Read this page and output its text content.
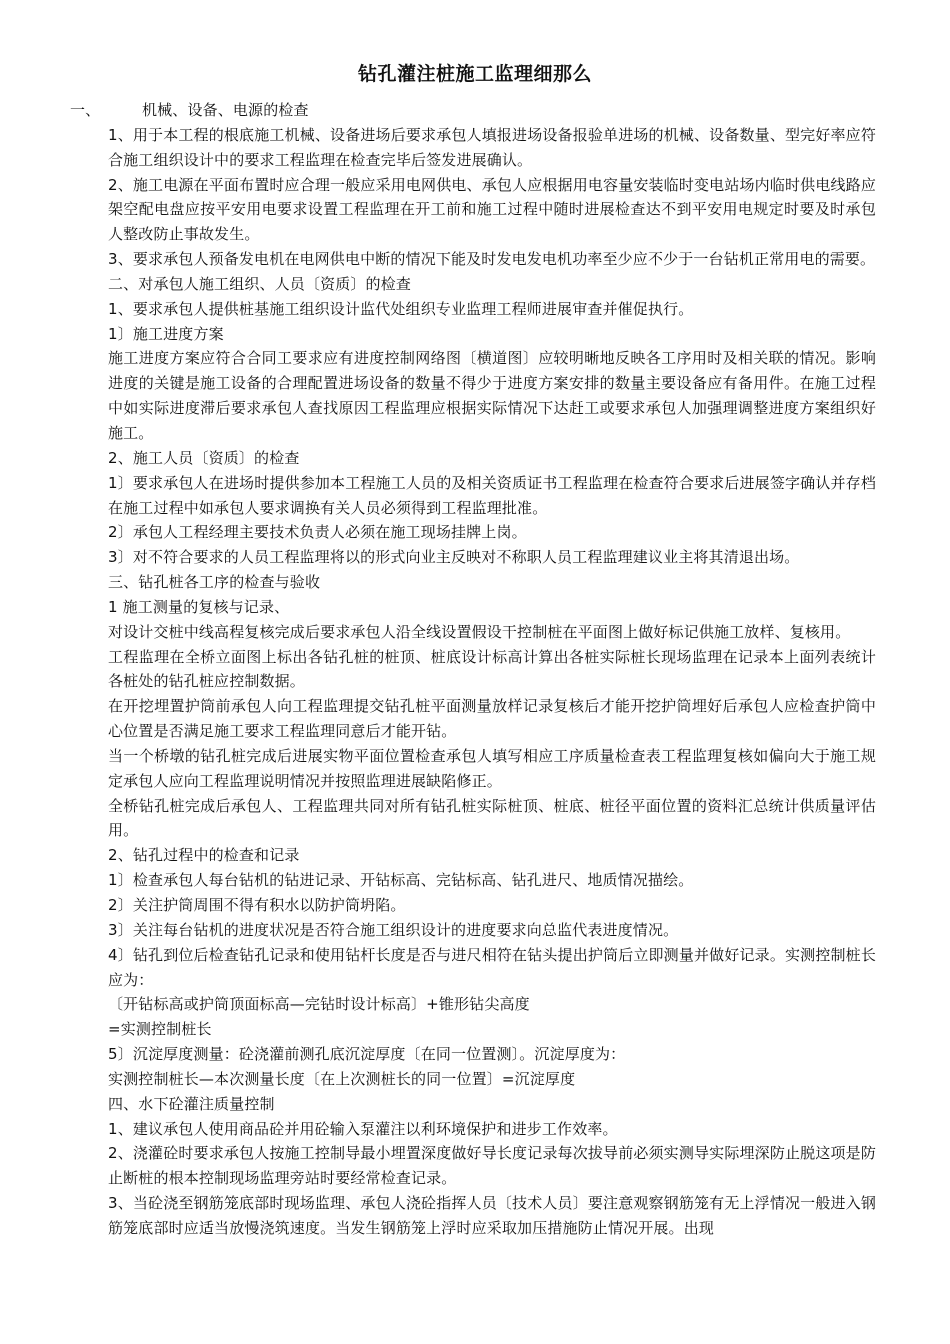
钻孔灌注桩施工监理细那么

一、	机械、设备、电源的检查

1、用于本工程的根底施工机械、设备进场后要求承包人填报进场设备报验单进场的机械、设备数量、型完好率应符合施工组织设计中的要求工程监理在检查完毕后签发进展确认。

2、施工电源在平面布置时应合理一般应采用电网供电、承包人应根据用电容量安装临时变电站场内临时供电线路应架空配电盘应按平安用电要求设置工程监理在开工前和施工过程中随时进展检查达不到平安用电规定时要及时承包人整改防止事故发生。

3、要求承包人预备发电机在电网供电中断的情况下能及时发电发电机功率至少应不少于一台钻机正常用电的需要。

二、对承包人施工组织、人员〔资质〕的检查

1、要求承包人提供桩基施工组织设计监代处组织专业监理工程师进展审查并催促执行。

1〕施工进度方案

施工进度方案应符合合同工要求应有进度控制网络图〔横道图〕应较明晰地反映各工序用时及相关联的情况。影响进度的关键是施工设备的合理配置进场设备的数量不得少于进度方案安排的数量主要设备应有备用件。在施工过程中如实际进度滞后要求承包人查找原因工程监理应根据实际情况下达赶工或要求承包人加强理调整进度方案组织好施工。

2、施工人员〔资质〕的检查

1〕要求承包人在进场时提供参加本工程施工人员的及相关资质证书工程监理在检查符合要求后进展签字确认并存档在施工过程中如承包人要求调换有关人员必须得到工程监理批准。

2〕承包人工程经理主要技术负责人必须在施工现场挂牌上岗。

3〕对不符合要求的人员工程监理将以的形式向业主反映对不称职人员工程监理建议业主将其清退出场。

三、钻孔桩各工序的检查与验收

1 施工测量的复核与记录、

对设计交桩中线高程复核完成后要求承包人沿全线设置假设干控制桩在平面图上做好标记供施工放样、复核用。

工程监理在全桥立面图上标出各钻孔桩的桩顶、桩底设计标高计算出各桩实际桩长现场监理在记录本上面列表统计各桩处的钻孔桩应控制数据。

在开挖埋置护筒前承包人向工程监理提交钻孔桩平面测量放样记录复核后才能开挖护筒埋好后承包人应检查护筒中心位置是否满足施工要求工程监理同意后才能开钻。

当一个桥墩的钻孔桩完成后进展实物平面位置检查承包人填写相应工序质量检查表工程监理复核如偏向大于施工规定承包人应向工程监理说明情况并按照监理进展缺陷修正。

全桥钻孔桩完成后承包人、工程监理共同对所有钻孔桩实际桩顶、桩底、桩径平面位置的资料汇总统计供质量评估用。

2、钻孔过程中的检查和记录

1〕检查承包人每台钻机的钻进记录、开钻标高、完钻标高、钻孔进尺、地质情况描绘。

2〕关注护筒周围不得有积水以防护筒坍陷。

3〕关注每台钻机的进度状况是否符合施工组织设计的进度要求向总监代表进度情况。

4〕钻孔到位后检查钻孔记录和使用钻杆长度是否与进尺相符在钻头提出护筒后立即测量并做好记录。实测控制桩长应为：

〔开钻标高或护筒顶面标高—完钻时设计标高〕+锥形钻尖高度

=实测控制桩长

5〕沉淀厚度测量：砼浇灌前测孔底沉淀厚度〔在同一位置测〕。沉淀厚度为：

实测控制桩长—本次测量长度〔在上次测桩长的同一位置〕=沉淀厚度

四、水下砼灌注质量控制

1、建议承包人使用商品砼并用砼输入泵灌注以利环境保护和进步工作效率。

2、浇灌砼时要求承包人按施工控制导最小埋置深度做好导长度记录每次拔导前必须实测导实际埋深防止脱这项是防止断桩的根本控制现场监理旁站时要经常检查记录。

3、当砼浇至钢筋笼底部时现场监理、承包人浇砼指挥人员〔技术人员〕要注意观察钢筋笼有无上浮情况一般进入钢筋笼底部时应适当放慢浇筑速度。当发生钢筋笼上浮时应采取加压措施防止情况开展。出现
